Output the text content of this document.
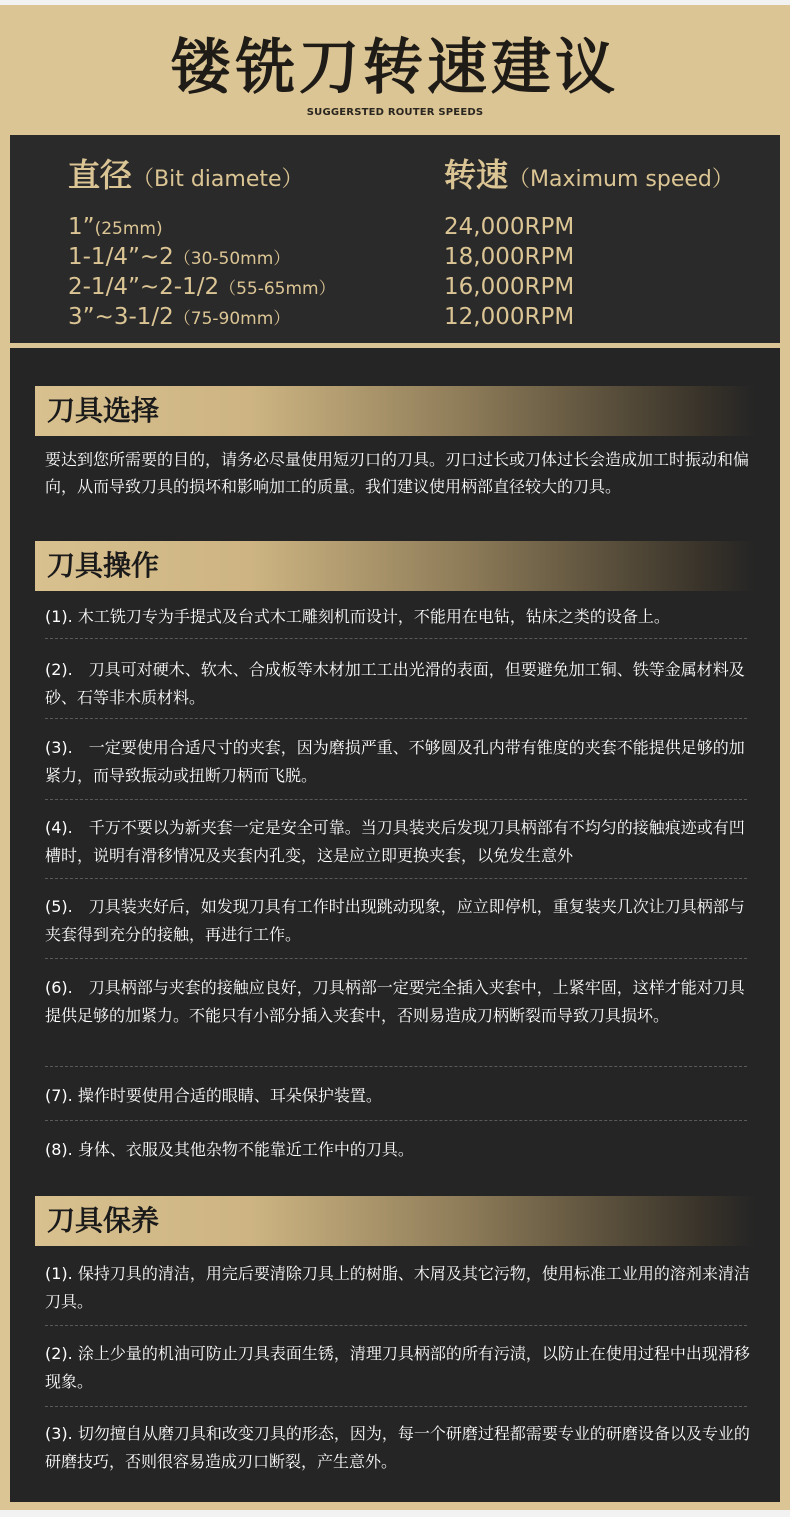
镂铣刀转速建议
SUGGERSTED ROUTER SPEEDS
直径（Bit diamete）
1”(25mm)
1-1/4”~2（30-50mm）
2-1/4”~2-1/2（55-65mm）
3”~3-1/2（75-90mm）
转速（Maximum speed）
24,000RPM
18,000RPM
16,000RPM
12,000RPM
刀具选择
要达到您所需要的目的，请务必尽量使用短刃口的刀具。刃口过长或刀体过长会造成加工时振动和偏向，从而导致刀具的损坏和影响加工的质量。我们建议使用柄部直径较大的刀具。
刀具操作
(1). 木工铣刀专为手提式及台式木工雕刻机而设计，不能用在电钻，钻床之类的设备上。
(2).　刀具可对硬木、软木、合成板等木材加工工出光滑的表面，但要避免加工铜、铁等金属材料及砂、石等非木质材料。
(3).　一定要使用合适尺寸的夹套，因为磨损严重、不够圆及孔内带有锥度的夹套不能提供足够的加紧力，而导致振动或扭断刀柄而飞脱。
(4).　千万不要以为新夹套一定是安全可靠。当刀具装夹后发现刀具柄部有不均匀的接触痕迹或有凹槽时，说明有滑移情况及夹套内孔变，这是应立即更换夹套，以免发生意外
(5).　刀具装夹好后，如发现刀具有工作时出现跳动现象，应立即停机，重复装夹几次让刀具柄部与夹套得到充分的接触，再进行工作。
(6).　刀具柄部与夹套的接触应良好，刀具柄部一定要完全插入夹套中，上紧牢固，这样才能对刀具提供足够的加紧力。不能只有小部分插入夹套中，否则易造成刀柄断裂而导致刀具损坏。
(7). 操作时要使用合适的眼睛、耳朵保护装置。
(8). 身体、衣服及其他杂物不能靠近工作中的刀具。
刀具保养
(1). 保持刀具的清洁，用完后要清除刀具上的树脂、木屑及其它污物，使用标准工业用的溶剂来清洁刀具。
(2). 涂上少量的机油可防止刀具表面生锈，清理刀具柄部的所有污渍，以防止在使用过程中出现滑移现象。
(3). 切勿擅自从磨刀具和改变刀具的形态，因为，每一个研磨过程都需要专业的研磨设备以及专业的研磨技巧，否则很容易造成刃口断裂，产生意外。
